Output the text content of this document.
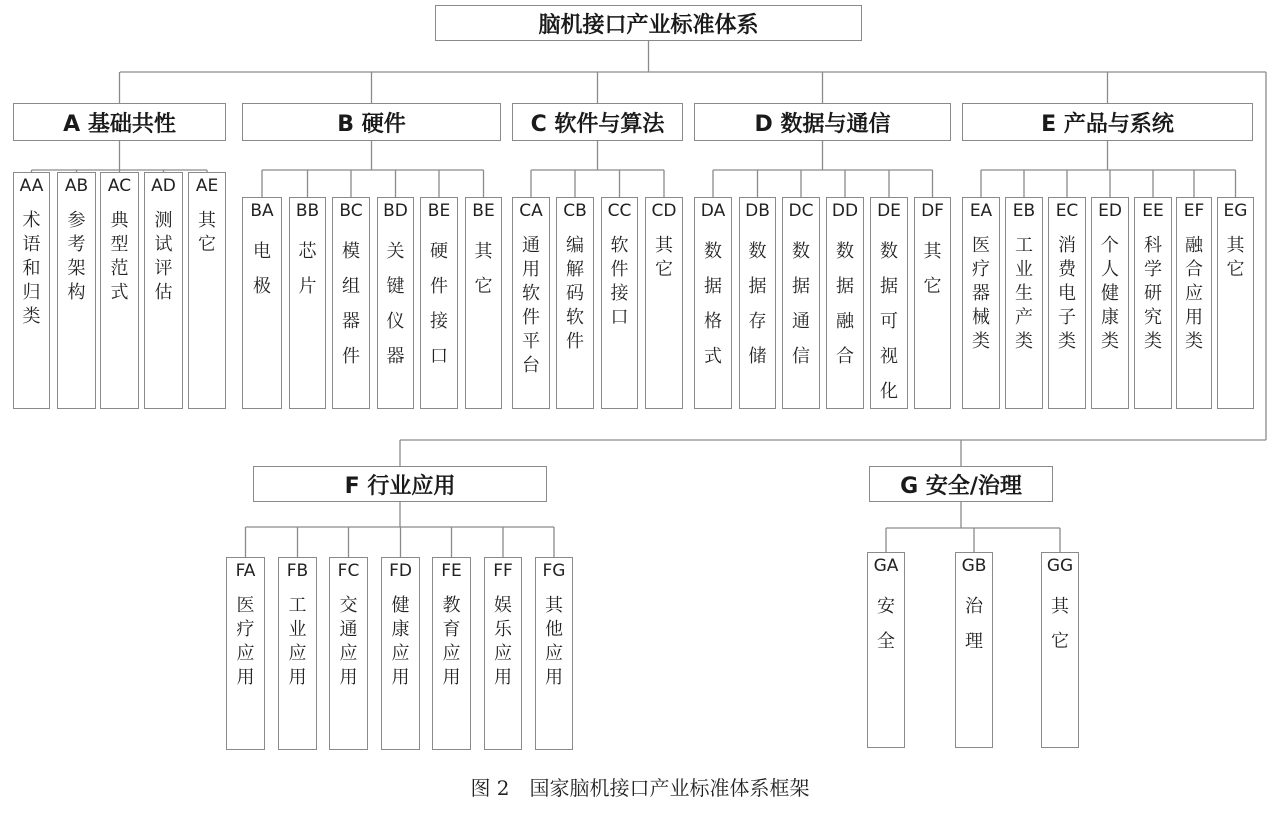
脑机接口产业标准体系
A 基础共性
AA
术语和归类
AB
参考架构
AC
典型范式
AD
测试评估
AE
其它
B 硬件
BA
电极
BB
芯片
BC
模组器件
BD
关键仪器
BE
硬件接口
BE
其它
C 软件与算法
CA
通用软件平台
CB
编解码软件
CC
软件接口
CD
其它
D 数据与通信
DA
数据格式
DB
数据存储
DC
数据通信
DD
数据融合
DE
数据可视化
DF
其它
E 产品与系统
EA
医疗器械类
EB
工业生产类
EC
消费电子类
ED
个人健康类
EE
科学研究类
EF
融合应用类
EG
其它
F 行业应用
FA
医疗应用
FB
工业应用
FC
交通应用
FD
健康应用
FE
教育应用
FF
娱乐应用
FG
其他应用
G 安全/治理
GA
安全
GB
治理
GG
其它
图 2　国家脑机接口产业标准体系框架
